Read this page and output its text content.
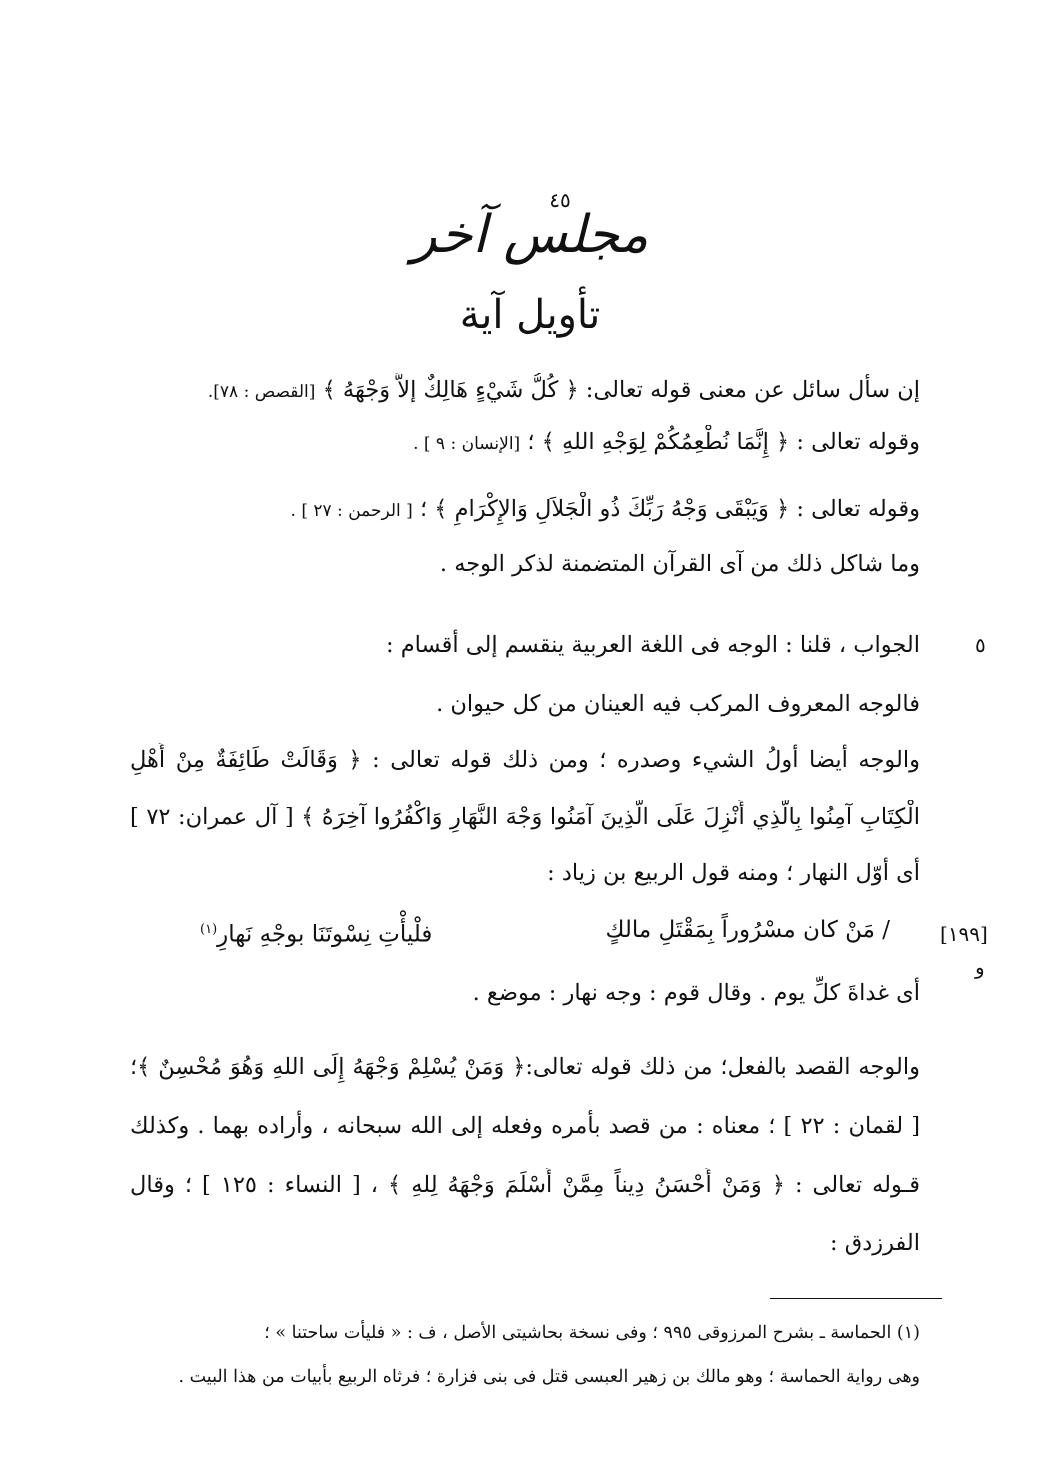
٤٥
مجلس آخر
تأويل آية
إن سأل سائل عن معنى قوله تعالى: ﴿ كُلُّ شَيْءٍ هَالِكٌ إلاَّ وَجْهَهُ ﴾ [القصص : ٧٨].
وقوله تعالى : ﴿ إِنَّمَا نُطْعِمُكُمْ لِوَجْهِ اللهِ ﴾ ؛ [الإنسان : ٩ ] .
وقوله تعالى : ﴿ وَيَبْقَى وَجْهُ رَبِّكَ ذُو الْجَلاَلِ وَالإِكْرَامِ ﴾ ؛ [ الرحمن : ٢٧ ] .
وما شاكل ذلك من آى القرآن المتضمنة لذكر الوجه .
٥
الجواب ، قلنا : الوجه فى اللغة العربية ينقسم إلى أقسام :
فالوجه المعروف المركب فيه العينان من كل حيوان .
والوجه أيضا أولُ الشيء وصدره ؛ ومن ذلك قوله تعالى : ﴿ وَقَالَتْ طَائِفَةٌ مِنْ أَهْلِ
الْكِتَابِ آمِنُوا بِالَّذِي أُنْزِلَ عَلَى الَّذِينَ آمَنُوا وَجْهَ النَّهَارِ وَاكْفُرُوا آخِرَهُ ﴾ [ آل عمران: ٧٢ ]
أى أوّل النهار ؛ ومنه قول الربيع بن زياد :
[١٩٩]
و
/ مَنْ كان مسْرُوراً بِمَقْتَلِ مالكٍ
فلْيأْتِ نِسْوتَنَا بوجْهِ نَهارِ$^{(١)}$
أى غداةَ كلِّ يوم . وقال قوم : وجه نهار : موضع .
والوجه القصد بالفعل؛ من ذلك قوله تعالى:﴿ وَمَنْ يُسْلِمْ وَجْهَهُ إِلَى اللهِ وَهُوَ مُحْسِنٌ ﴾؛
[ لقمان : ٢٢ ] ؛ معناه : من قصد بأمره وفعله إلى الله سبحانه ، وأراده بهما . وكذلك
قـوله تعالى : ﴿ وَمَنْ أَحْسَنُ دِيناً مِمَّنْ أَسْلَمَ وَجْهَهُ لِلهِ ﴾ ، [ النساء : ١٢٥ ] ؛ وقال
الفرزدق :
(١) الحماسة ـ بشرح المرزوقى ٩٩٥ ؛ وفى نسخة بحاشيتى الأصل ، ف : « فليأت ساحتنا » ؛
وهى رواية الحماسة ؛ وهو مالك بن زهير العبسى قتل فى بنى فزارة ؛ فرثاه الربيع بأبيات من هذا البيت .
